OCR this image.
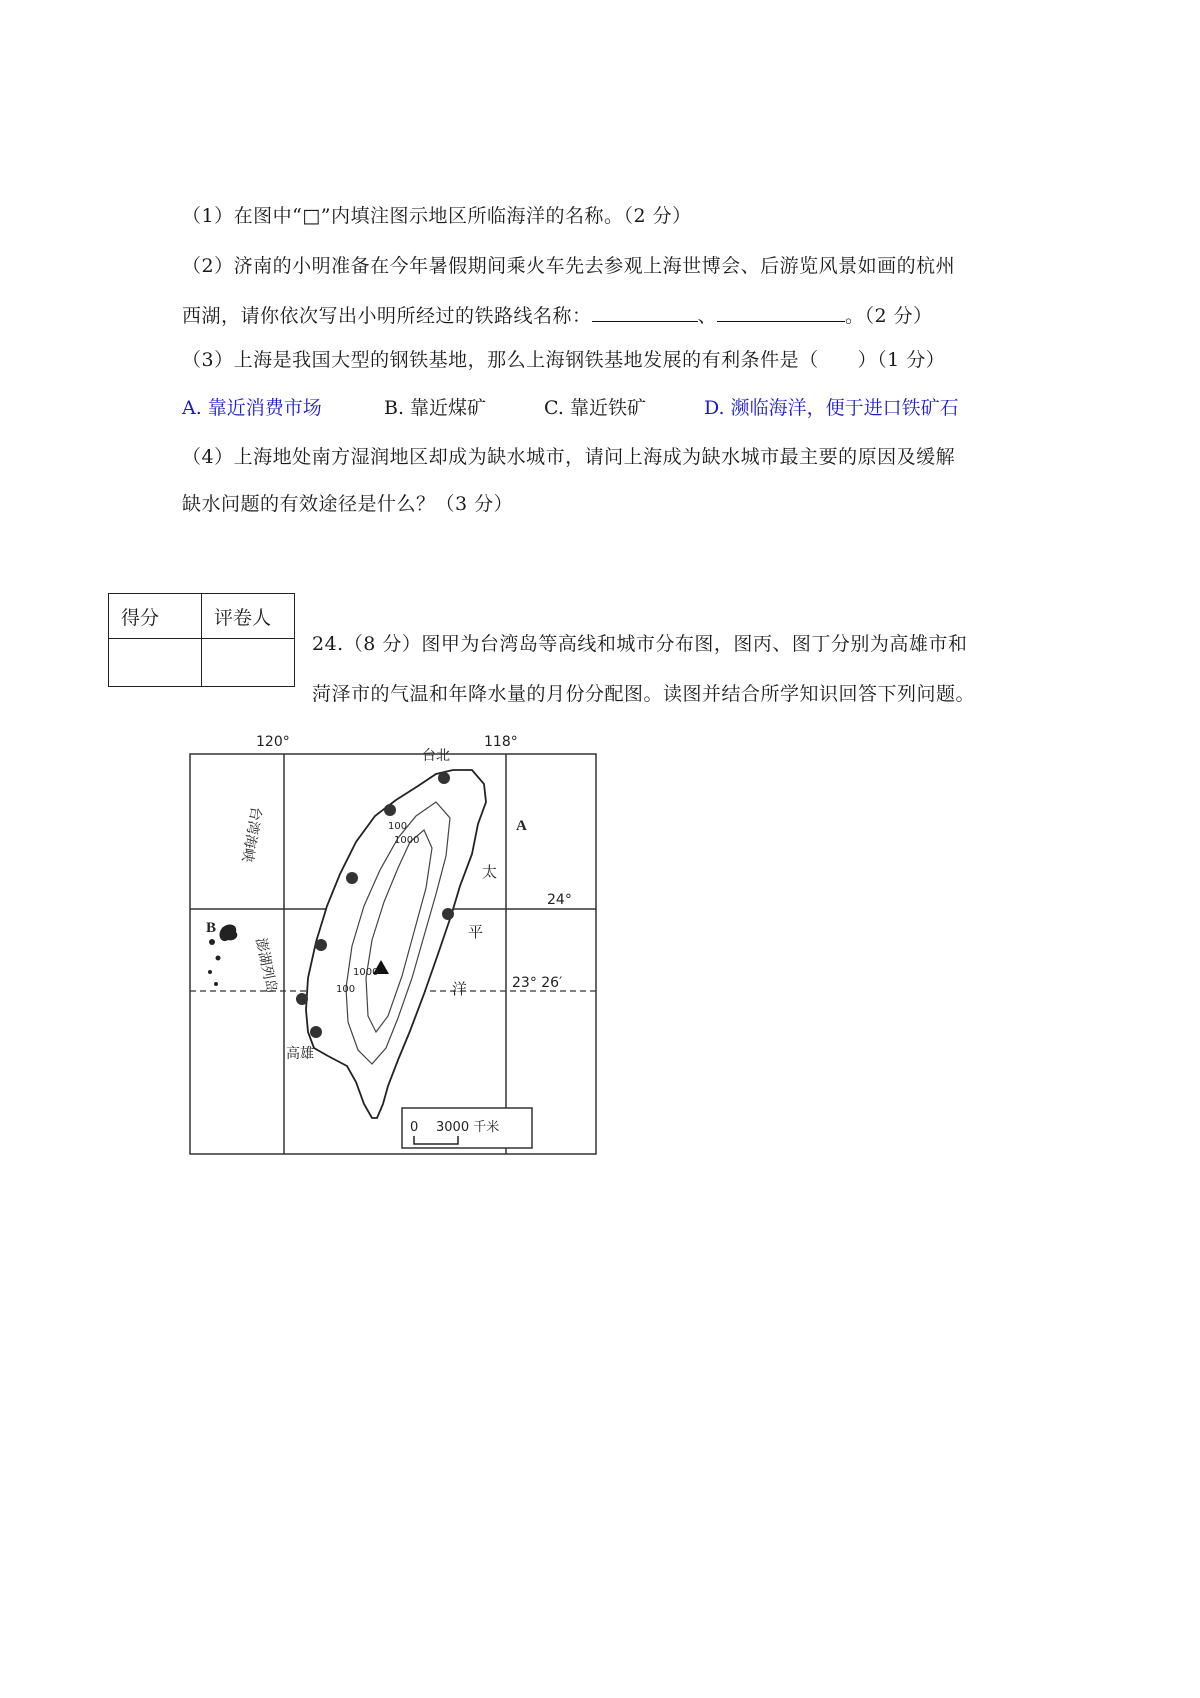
（1）在图中“□”内填注图示地区所临海洋的名称。（2 分）
（2）济南的小明准备在今年暑假期间乘火车先去参观上海世博会、后游览风景如画的杭州
西湖，请你依次写出小明所经过的铁路线名称：	、	。（2 分）
（3）上海是我国大型的钢铁基地，那么上海钢铁基地发展的有利条件是（　　）（1 分）
A. 靠近消费市场	B. 靠近煤矿	C. 靠近铁矿	D. 濒临海洋，便于进口铁矿石
（4）上海地处南方湿润地区却成为缺水城市，请问上海成为缺水城市最主要的原因及缓解
缺水问题的有效途径是什么？（3 分）
得分	评卷人

24.（8 分）图甲为台湾岛等高线和城市分布图，图丙、图丁分别为高雄市和
菏泽市的气温和年降水量的月份分配图。读图并结合所学知识回答下列问题。
120°	118°
24°
23° 26′
A
B
台北
高雄
100
1000
1000
100
太
平
洋
0 3000 千米
台湾海峡
澎湖列岛
